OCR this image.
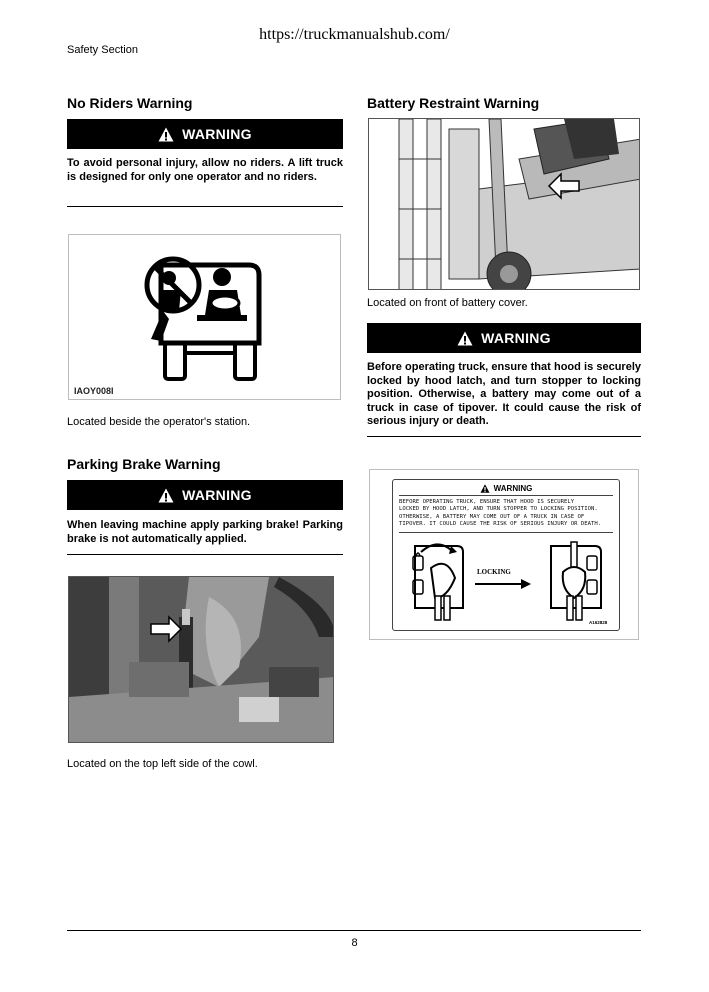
https://truckmanualshub.com/
Safety Section
No Riders Warning
WARNING
To avoid personal injury, allow no riders. A lift truck is designed for only one operator and no riders.
IAOY008I
Located beside the operator's station.
Parking Brake Warning
WARNING
When leaving machine apply parking brake! Parking brake is not automatically applied.
Located on the top left side of the cowl.
Battery Restraint Warning
Located on front of battery cover.
WARNING
Before operating truck, ensure that hood is securely locked by hood latch, and turn stopper to locking position. Otherwise, a battery may come out of a truck in case of tipover. It could cause the risk of serious injury or death.
WARNING
BEFORE OPERATING TRUCK, ENSURE THAT HOOD IS SECURELY
LOCKED BY HOOD LATCH, AND TURN STOPPER TO LOCKING POSITION.
OTHERWISE, A BATTERY MAY COME OUT OF A TRUCK IN CASE OF
TIPOVER. IT COULD CAUSE THE RISK OF SERIOUS INJURY OR DEATH.
LOCKING
A162828
8
